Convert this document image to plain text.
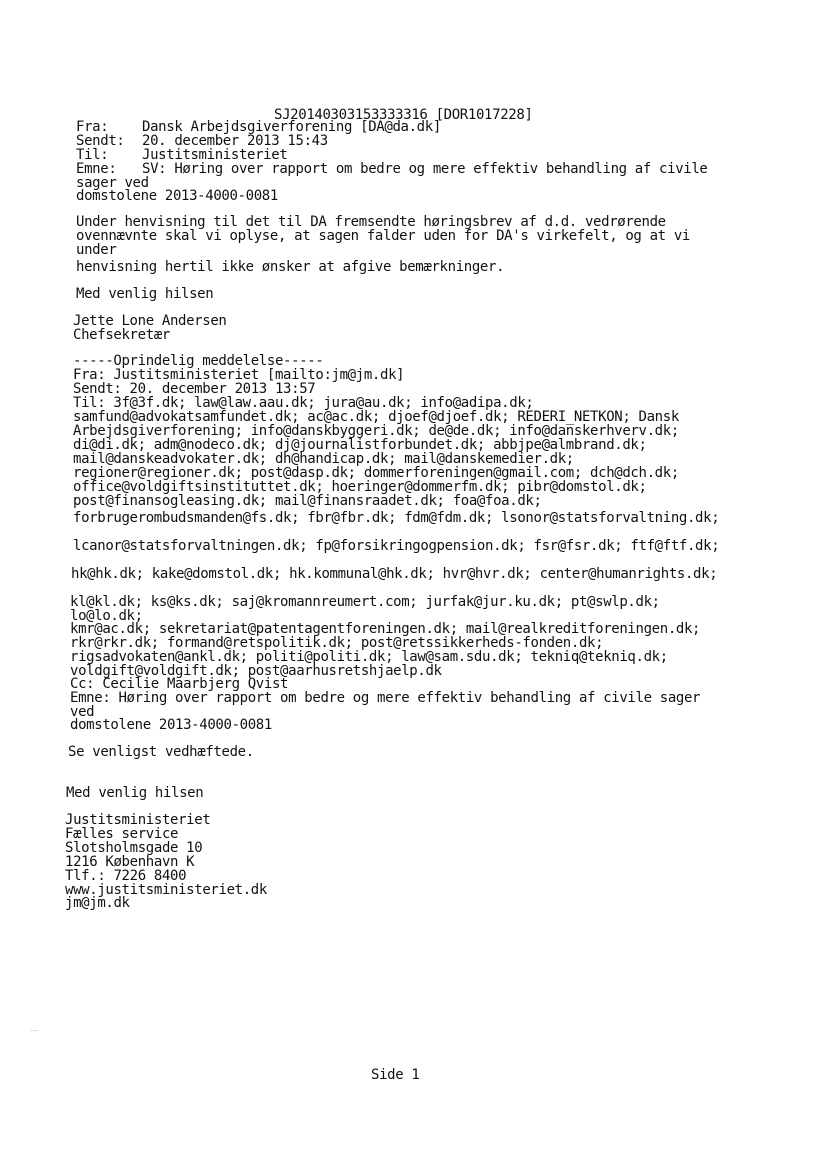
SJ20140303153333316 [DOR1017228]
Fra: Dansk Arbejdsgiverforening [DA@da.dk]
Sendt: 20. december 2013 15:43
Til: Justitsministeriet
Emne: SV: Høring over rapport om bedre og mere effektiv behandling af civile
sager ved
domstolene 2013-4000-0081
Under henvisning til det til DA fremsendte høringsbrev af d.d. vedrørende
ovennævnte skal vi oplyse, at sagen falder uden for DA's virkefelt, og at vi
under
henvisning hertil ikke ønsker at afgive bemærkninger.
Med venlig hilsen
Jette Lone Andersen
Chefsekretær
-----Oprindelig meddelelse-----
Fra: Justitsministeriet [mailto:jm@jm.dk]
Sendt: 20. december 2013 13:57
Til: 3f@3f.dk; law@law.aau.dk; jura@au.dk; info@adipa.dk;
samfund@advokatsamfundet.dk; ac@ac.dk; djoef@djoef.dk; REDERI_NETKON; Dansk
Arbejdsgiverforening; info@danskbyggeri.dk; de@de.dk; info@danskerhverv.dk;
di@di.dk; adm@nodeco.dk; dj@journalistforbundet.dk; abbjpe@almbrand.dk;
mail@danskeadvokater.dk; dh@handicap.dk; mail@danskemedier.dk;
regioner@regioner.dk; post@dasp.dk; dommerforeningen@gmail.com; dch@dch.dk;
office@voldgiftsinstituttet.dk; hoeringer@dommerfm.dk; pibr@domstol.dk;
post@finansogleasing.dk; mail@finansraadet.dk; foa@foa.dk;
forbrugerombudsmanden@fs.dk; fbr@fbr.dk; fdm@fdm.dk; lsonor@statsforvaltning.dk;
lcanor@statsforvaltningen.dk; fp@forsikringogpension.dk; fsr@fsr.dk; ftf@ftf.dk;
hk@hk.dk; kake@domstol.dk; hk.kommunal@hk.dk; hvr@hvr.dk; center@humanrights.dk;
kl@kl.dk; ks@ks.dk; saj@kromannreumert.com; jurfak@jur.ku.dk; pt@swlp.dk;
lo@lo.dk;
kmr@ac.dk; sekretariat@patentagentforeningen.dk; mail@realkreditforeningen.dk;
rkr@rkr.dk; formand@retspolitik.dk; post@retssikkerheds-fonden.dk;
rigsadvokaten@ankl.dk; politi@politi.dk; law@sam.sdu.dk; tekniq@tekniq.dk;
voldgift@voldgift.dk; post@aarhusretshjaelp.dk
Cc: Cecilie Maarbjerg Qvist
Emne: Høring over rapport om bedre og mere effektiv behandling af civile sager
ved
domstolene 2013-4000-0081
Se venligst vedhæftede.
Med venlig hilsen
Justitsministeriet
Fælles service
Slotsholmsgade 10
1216 København K
Tlf.: 7226 8400
www.justitsministeriet.dk
jm@jm.dk
Side 1
